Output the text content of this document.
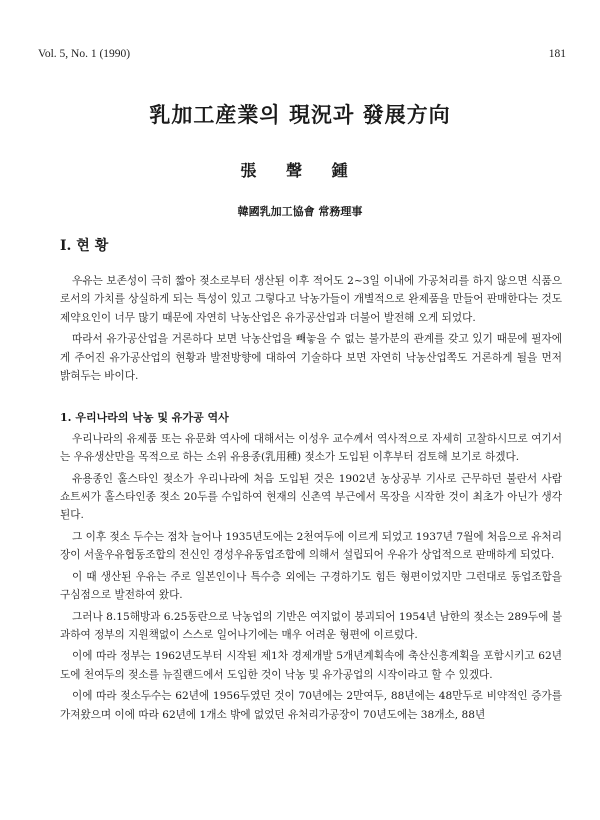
Vol. 5, No. 1 (1990)	181
乳加工産業의 現況과 發展方向
張 聲 鍾
韓國乳加工協會 常務理事
Ⅰ. 현 황

우유는 보존성이 극히 짧아 젖소로부터 생산된 이후 적어도 2~3일 이내에 가공처리를 하지 않으면 식품으로서의 가치를 상실하게 되는 특성이 있고 그렇다고 낙농가들이 개별적으로 완제품을 만들어 판매한다는 것도 제약요인이 너무 많기 때문에 자연히 낙농산업은 유가공산업과 더불어 발전해 오게 되었다.

따라서 유가공산업을 거론하다 보면 낙농산업을 빼놓을 수 없는 불가분의 관계를 갖고 있기 때문에 필자에게 주어진 유가공산업의 현황과 발전방향에 대하여 기술하다 보면 자연히 낙농산업쪽도 거론하게 될을 먼저 밝혀두는 바이다.

1. 우리나라의 낙농 및 유가공 역사

우리나라의 유제품 또는 유문화 역사에 대해서는 이성우 교수께서 역사적으로 자세히 고찰하시므로 여기서는 우유생산만을 목적으로 하는 소위 유용종(乳用種) 젖소가 도입된 이후부터 검토해 보기로 하겠다.

유용종인 홀스타인 젖소가 우리나라에 처음 도입된 것은 1902년 농상공부 기사로 근무하던 불란서 사람 쇼트씨가 홀스타인종 젖소 20두를 수입하여 현재의 신촌역 부근에서 목장을 시작한 것이 최초가 아닌가 생각된다.

그 이후 젖소 두수는 점차 늘어나 1935년도에는 2천여두에 이르게 되었고 1937년 7월에 처음으로 유처리장이 서울우유협동조합의 전신인 경성우유동업조합에 의해서 설립되어 우유가 상업적으로 판매하게 되었다.

이 때 생산된 우유는 주로 일본인이나 특수층 외에는 구경하기도 힘든 형편이었지만 그런대로 동업조합을 구심점으로 발전하여 왔다.

그러나 8.15해방과 6.25동란으로 낙농업의 기반은 여지없이 붕괴되어 1954년 남한의 젖소는 289두에 불과하여 정부의 지원책없이 스스로 일어나기에는 매우 어려운 형편에 이르렀다.

이에 따라 정부는 1962년도부터 시작된 제1차 경제개발 5개년계획속에 축산신흥계획을 포함시키고 62년도에 천여두의 젖소를 뉴질랜드에서 도입한 것이 낙농 및 유가공업의 시작이라고 할 수 있겠다.

이에 따라 젖소두수는 62년에 1956두였던 것이 70년에는 2만여두, 88년에는 48만두로 비약적인 증가를 가져왔으며 이에 따라 62년에 1개소 밖에 없었던 유처리가공장이 70년도에는 38개소, 88년
